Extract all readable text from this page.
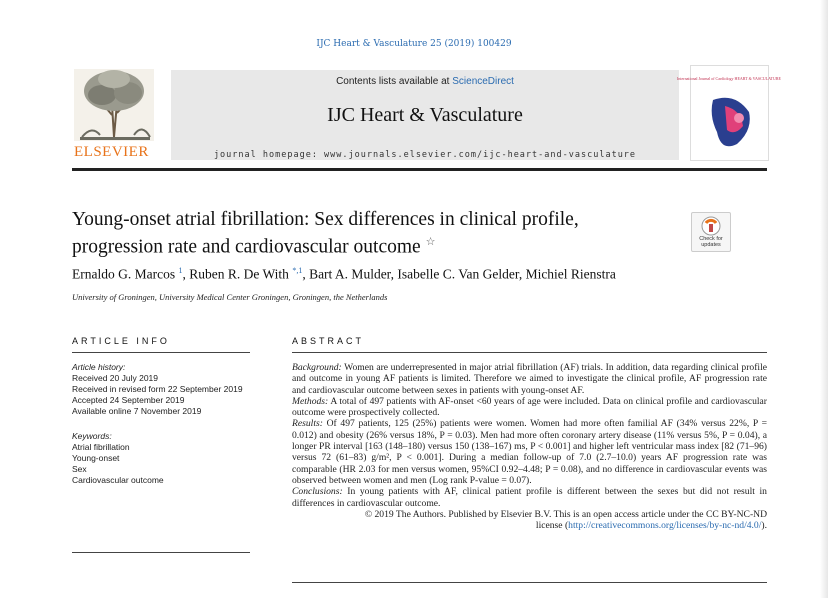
IJC Heart & Vasculature 25 (2019) 100429
ELSEVIER
Contents lists available at ScienceDirect
IJC Heart & Vasculature
journal homepage: www.journals.elsevier.com/ijc-heart-and-vasculature
International Journal of Cardiology HEART & VASCULATURE
Young-onset atrial fibrillation: Sex differences in clinical profile, progression rate and cardiovascular outcome ☆	Check for updates
Ernaldo G. Marcos $^1$, Ruben R. De With $^{*,1}$, Bart A. Mulder, Isabelle C. Van Gelder, Michiel Rienstra
University of Groningen, University Medical Center Groningen, Groningen, the Netherlands
ARTICLE INFO	ABSTRACT
Article history:
Received 20 July 2019
Received in revised form 22 September 2019
Accepted 24 September 2019
Available online 7 November 2019
Keywords:
Atrial fibrillation
Young-onset
Sex
Cardiovascular outcome

Background: Women are underrepresented in major atrial fibrillation (AF) trials. In addition, data regarding clinical profile and outcome in young AF patients is limited. Therefore we aimed to investigate the clinical profile, AF progression rate and cardiovascular outcome between sexes in patients with young-onset AF.

Methods: A total of 497 patients with AF-onset <60 years of age were included. Data on clinical profile and cardiovascular outcome were prospectively collected.

Results: Of 497 patients, 125 (25%) patients were women. Women had more often familial AF (34% versus 22%, P = 0.012) and obesity (26% versus 18%, P = 0.03). Men had more often coronary artery disease (11% versus 5%, P = 0.04), a longer PR interval [163 (148–180) versus 150 (138–167) ms, P < 0.001] and higher left ventricular mass index [82 (71–96) versus 72 (61–83) g/m², P < 0.001]. During a median follow-up of 7.0 (2.7–10.0) years AF progression rate was comparable (HR 2.03 for men versus women, 95%CI 0.92–4.48; P = 0.08), and no difference in cardiovascular events was observed between women and men (Log rank P-value = 0.07).

Conclusions: In young patients with AF, clinical patient profile is different between the sexes but did not result in differences in cardiovascular outcome.

© 2019 The Authors. Published by Elsevier B.V. This is an open access article under the CC BY-NC-ND

license (http://creativecommons.org/licenses/by-nc-nd/4.0/).
